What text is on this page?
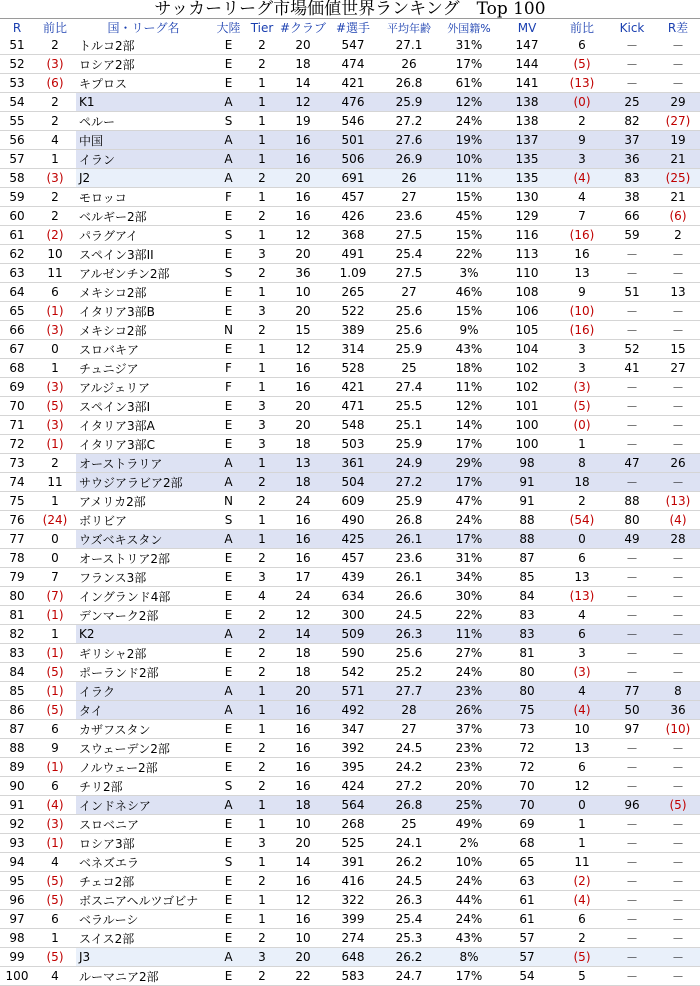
サッカーリーグ市場価値世界ランキング　Top 100
R	前比	国・リーグ名	大陸	Tier	#クラブ	#選手	平均年齢	外国籍%	MV	前比	Kick	R差
51	2	トルコ2部	E	2	20	547	27.1	31%	147	6	－	－
52	(3)	ロシア2部	E	2	18	474	26	17%	144	(5)	－	－
53	(6)	キプロス	E	1	14	421	26.8	61%	141	(13)	－	－
54	2	K1	A	1	12	476	25.9	12%	138	(0)	25	29
55	2	ペルー	S	1	19	546	27.2	24%	138	2	82	(27)
56	4	中国	A	1	16	501	27.6	19%	137	9	37	19
57	1	イラン	A	1	16	506	26.9	10%	135	3	36	21
58	(3)	J2	A	2	20	691	26	11%	135	(4)	83	(25)
59	2	モロッコ	F	1	16	457	27	15%	130	4	38	21
60	2	ベルギー2部	E	2	16	426	23.6	45%	129	7	66	(6)
61	(2)	パラグアイ	S	1	12	368	27.5	15%	116	(16)	59	2
62	10	スペイン3部II	E	3	20	491	25.4	22%	113	16	－	－
63	11	アルゼンチン2部	S	2	36	1.09	27.5	3%	110	13	－	－
64	6	メキシコ2部	E	1	10	265	27	46%	108	9	51	13
65	(1)	イタリア3部B	E	3	20	522	25.6	15%	106	(10)	－	－
66	(3)	メキシコ2部	N	2	15	389	25.6	9%	105	(16)	－	－
67	0	スロバキア	E	1	12	314	25.9	43%	104	3	52	15
68	1	チュニジア	F	1	16	528	25	18%	102	3	41	27
69	(3)	アルジェリア	F	1	16	421	27.4	11%	102	(3)	－	－
70	(5)	スペイン3部I	E	3	20	471	25.5	12%	101	(5)	－	－
71	(3)	イタリア3部A	E	3	20	548	25.1	14%	100	(0)	－	－
72	(1)	イタリア3部C	E	3	18	503	25.9	17%	100	1	－	－
73	2	オーストラリア	A	1	13	361	24.9	29%	98	8	47	26
74	11	サウジアラビア2部	A	2	18	504	27.2	17%	91	18	－	－
75	1	アメリカ2部	N	2	24	609	25.9	47%	91	2	88	(13)
76	(24)	ボリビア	S	1	16	490	26.8	24%	88	(54)	80	(4)
77	0	ウズベキスタン	A	1	16	425	26.1	17%	88	0	49	28
78	0	オーストリア2部	E	2	16	457	23.6	31%	87	6	－	－
79	7	フランス3部	E	3	17	439	26.1	34%	85	13	－	－
80	(7)	イングランド4部	E	4	24	634	26.6	30%	84	(13)	－	－
81	(1)	デンマーク2部	E	2	12	300	24.5	22%	83	4	－	－
82	1	K2	A	2	14	509	26.3	11%	83	6	－	－
83	(1)	ギリシャ2部	E	2	18	590	25.6	27%	81	3	－	－
84	(5)	ポーランド2部	E	2	18	542	25.2	24%	80	(3)	－	－
85	(1)	イラク	A	1	20	571	27.7	23%	80	4	77	8
86	(5)	タイ	A	1	16	492	28	26%	75	(4)	50	36
87	6	カザフスタン	E	1	16	347	27	37%	73	10	97	(10)
88	9	スウェーデン2部	E	2	16	392	24.5	23%	72	13	－	－
89	(1)	ノルウェー2部	E	2	16	395	24.2	23%	72	6	－	－
90	6	チリ2部	S	2	16	424	27.2	20%	70	12	－	－
91	(4)	インドネシア	A	1	18	564	26.8	25%	70	0	96	(5)
92	(3)	スロベニア	E	1	10	268	25	49%	69	1	－	－
93	(1)	ロシア3部	E	3	20	525	24.1	2%	68	1	－	－
94	4	ベネズエラ	S	1	14	391	26.2	10%	65	11	－	－
95	(5)	チェコ2部	E	2	16	416	24.5	24%	63	(2)	－	－
96	(5)	ボスニアヘルツゴビナ	E	1	12	322	26.3	44%	61	(4)	－	－
97	6	ベラルーシ	E	1	16	399	25.4	24%	61	6	－	－
98	1	スイス2部	E	2	10	274	25.3	43%	57	2	－	－
99	(5)	J3	A	3	20	648	26.2	8%	57	(5)	－	－
100	4	ルーマニア2部	E	2	22	583	24.7	17%	54	5	－	－
